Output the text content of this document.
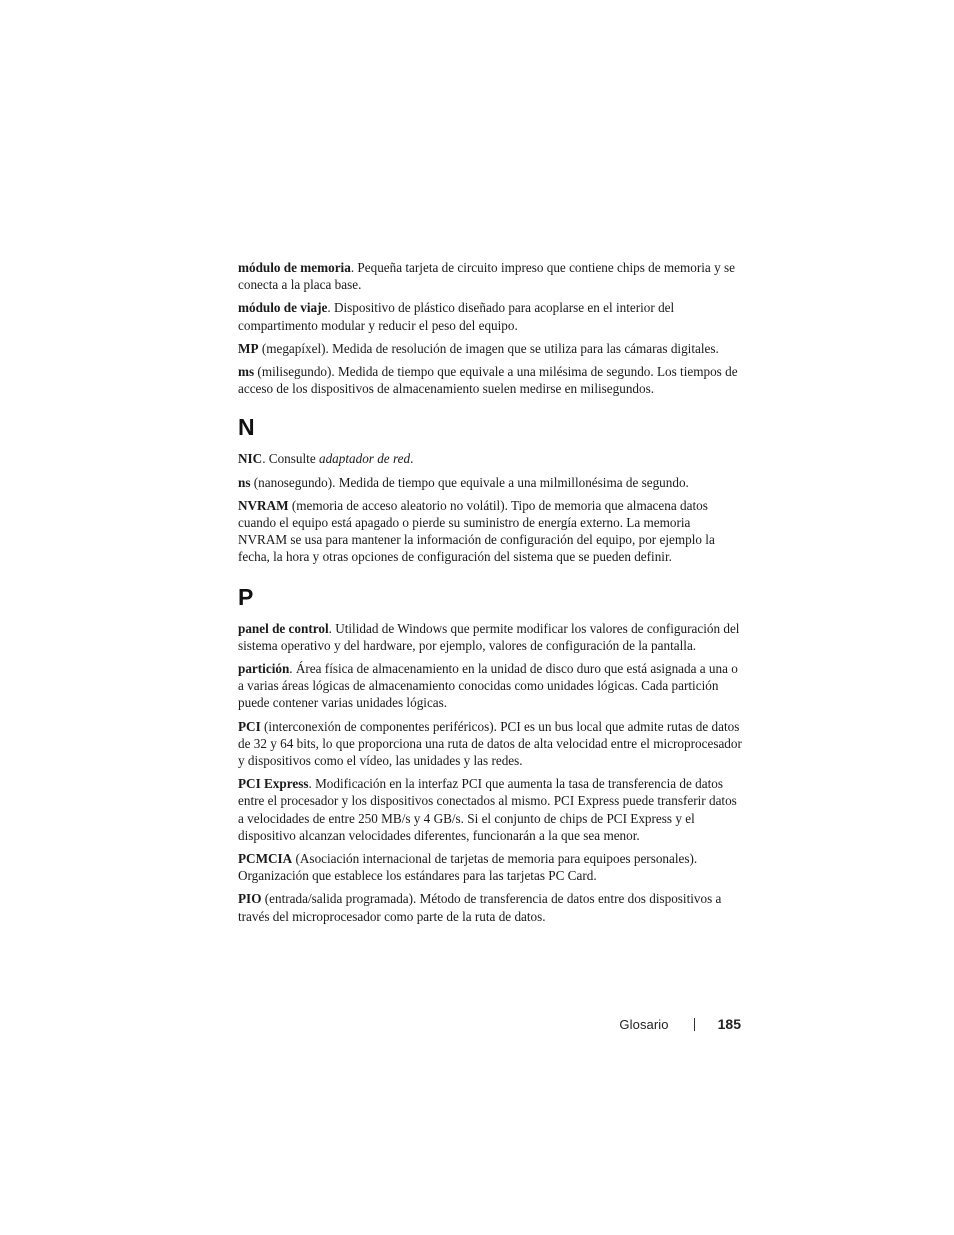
módulo de memoria. Pequeña tarjeta de circuito impreso que contiene chips de memoria y se conecta a la placa base.

módulo de viaje. Dispositivo de plástico diseñado para acoplarse en el interior del compartimento modular y reducir el peso del equipo.

MP (megapíxel). Medida de resolución de imagen que se utiliza para las cámaras digitales.

ms (milisegundo). Medida de tiempo que equivale a una milésima de segundo. Los tiempos de acceso de los dispositivos de almacenamiento suelen medirse en milisegundos.

N

NIC. Consulte adaptador de red.

ns (nanosegundo). Medida de tiempo que equivale a una milmillonésima de segundo.

NVRAM (memoria de acceso aleatorio no volátil). Tipo de memoria que almacena datos cuando el equipo está apagado o pierde su suministro de energía externo. La memoria NVRAM se usa para mantener la información de configuración del equipo, por ejemplo la fecha, la hora y otras opciones de configuración del sistema que se pueden definir.

P

panel de control. Utilidad de Windows que permite modificar los valores de configuración del sistema operativo y del hardware, por ejemplo, valores de configuración de la pantalla.

partición. Área física de almacenamiento en la unidad de disco duro que está asignada a una o a varias áreas lógicas de almacenamiento conocidas como unidades lógicas. Cada partición puede contener varias unidades lógicas.

PCI (interconexión de componentes periféricos). PCI es un bus local que admite rutas de datos de 32 y 64 bits, lo que proporciona una ruta de datos de alta velocidad entre el microprocesador y dispositivos como el vídeo, las unidades y las redes.

PCI Express. Modificación en la interfaz PCI que aumenta la tasa de transferencia de datos entre el procesador y los dispositivos conectados al mismo. PCI Express puede transferir datos a velocidades de entre 250 MB/s y 4 GB/s. Si el conjunto de chips de PCI Express y el dispositivo alcanzan velocidades diferentes, funcionarán a la que sea menor.

PCMCIA (Asociación internacional de tarjetas de memoria para equipoes personales). Organización que establece los estándares para las tarjetas PC Card.

PIO (entrada/salida programada). Método de transferencia de datos entre dos dispositivos a través del microprocesador como parte de la ruta de datos.

Glosario	185
